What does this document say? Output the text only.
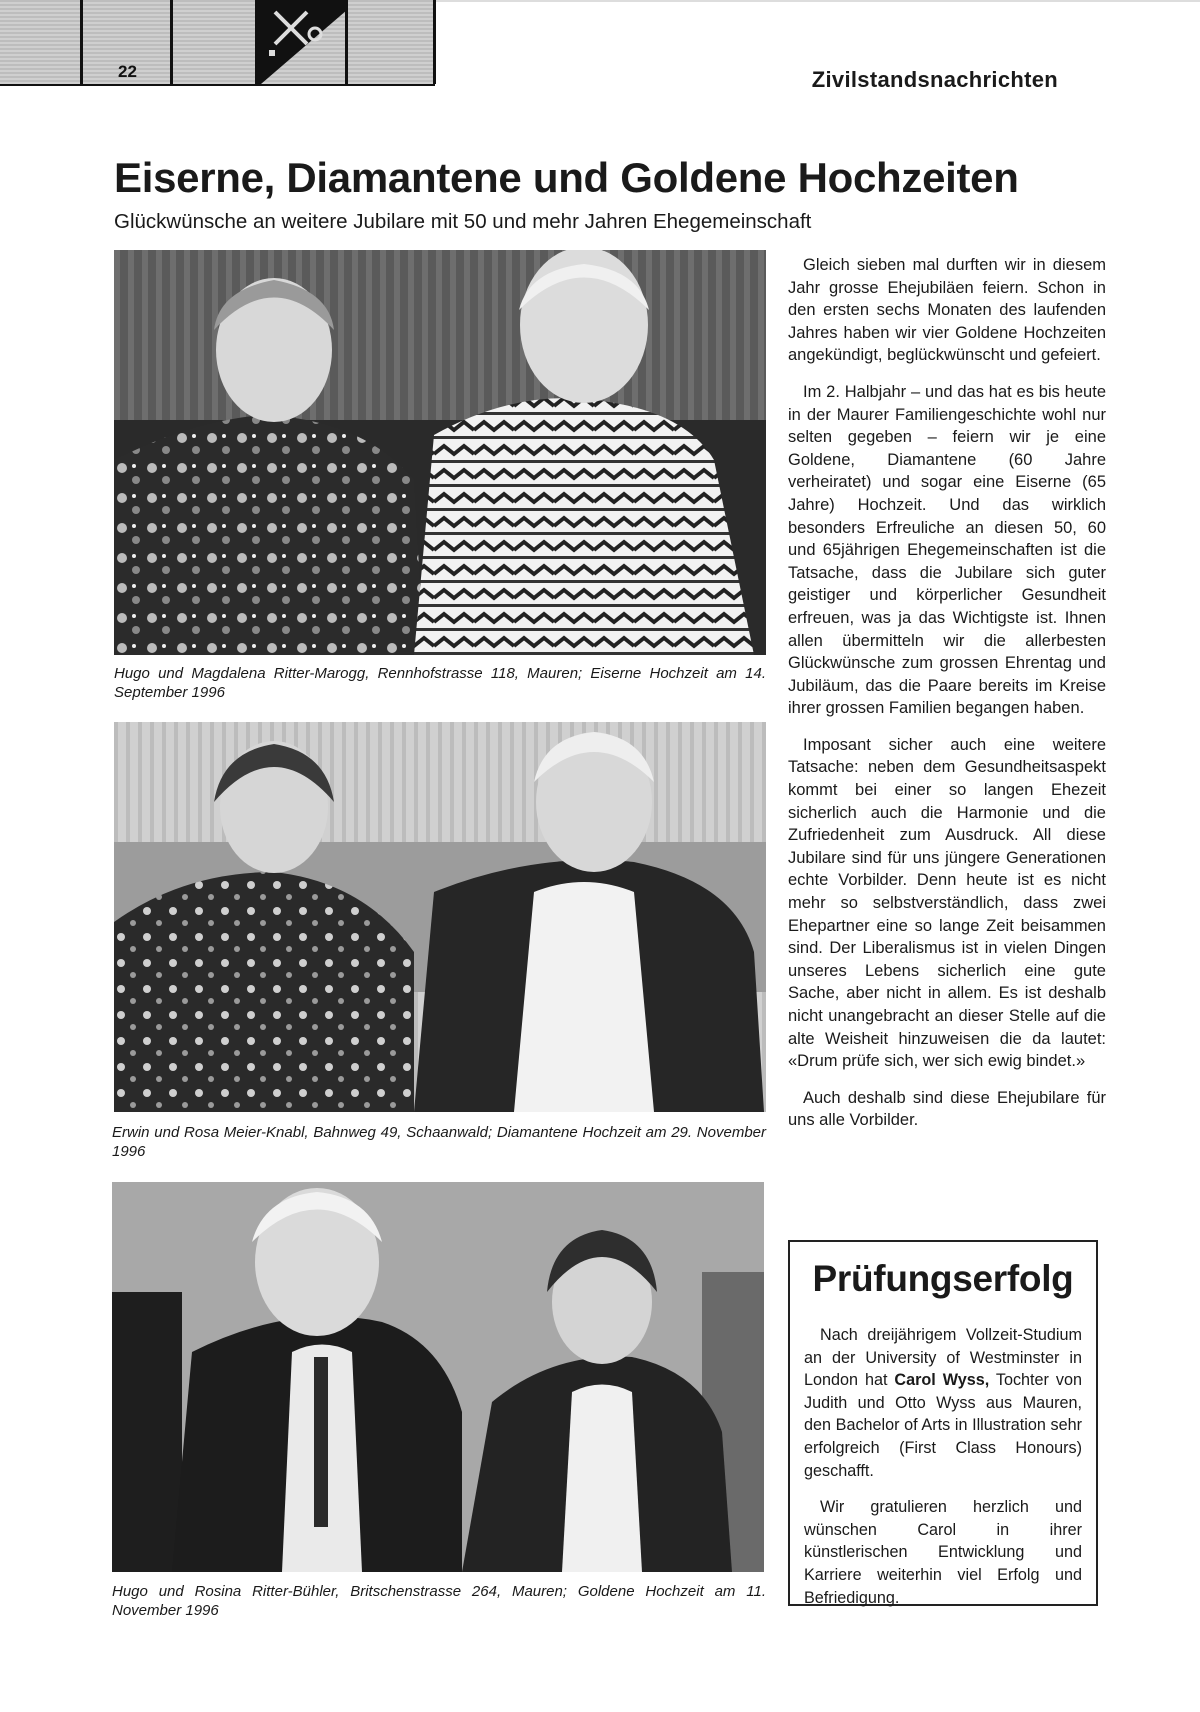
22	Zivilstandsnachrichten
Eiserne, Diamantene und Goldene Hochzeiten
Glückwünsche an weitere Jubilare mit 50 und mehr Jahren Ehegemeinschaft
Hugo und Magdalena Ritter-Marogg, Rennhofstrasse 118, Mauren; Eiserne Hochzeit am 14. September 1996
Erwin und Rosa Meier-Knabl, Bahnweg 49, Schaanwald; Diamantene Hochzeit am 29. November 1996
Hugo und Rosina Ritter-Bühler, Britschenstrasse 264, Mauren; Goldene Hochzeit am 11. November 1996

Gleich sieben mal durften wir in diesem Jahr grosse Ehejubiläen feiern. Schon in den ersten sechs Monaten des laufenden Jahres haben wir vier Goldene Hochzeiten angekündigt, beglückwünscht und gefeiert.

Im 2. Halbjahr – und das hat es bis heute in der Maurer Familiengeschichte wohl nur selten gegeben – feiern wir je eine Goldene, Diamantene (60 Jahre verheiratet) und sogar eine Eiserne (65 Jahre) Hochzeit. Und das wirklich besonders Erfreuliche an diesen 50, 60 und 65jährigen Ehegemeinschaften ist die Tatsache, dass die Jubilare sich guter geistiger und körperlicher Gesundheit erfreuen, was ja das Wichtigste ist. Ihnen allen übermitteln wir die allerbesten Glückwünsche zum grossen Ehrentag und Jubiläum, das die Paare bereits im Kreise ihrer grossen Familien begangen haben.

Imposant sicher auch eine weitere Tatsache: neben dem Gesundheitsaspekt kommt bei einer so langen Ehezeit sicherlich auch die Harmonie und die Zufriedenheit zum Ausdruck. All diese Jubilare sind für uns jüngere Generationen echte Vorbilder. Denn heute ist es nicht mehr so selbstverständlich, dass zwei Ehepartner eine so lange Zeit beisammen sind. Der Liberalismus ist in vielen Dingen unseres Lebens sicherlich eine gute Sache, aber nicht in allem. Es ist deshalb nicht unangebracht an dieser Stelle auf die alte Weisheit hinzuweisen die da lautet: «Drum prüfe sich, wer sich ewig bindet.»

Auch deshalb sind diese Ehejubilare für uns alle Vorbilder.

Prüfungserfolg

Nach dreijährigem Vollzeit-Studium an der University of Westminster in London hat Carol Wyss, Tochter von Judith und Otto Wyss aus Mauren, den Bachelor of Arts in Illustration sehr erfolgreich (First Class Honours) geschafft.

Wir gratulieren herzlich und wünschen Carol in ihrer künstlerischen Entwicklung und Karriere weiterhin viel Erfolg und Befriedigung.
